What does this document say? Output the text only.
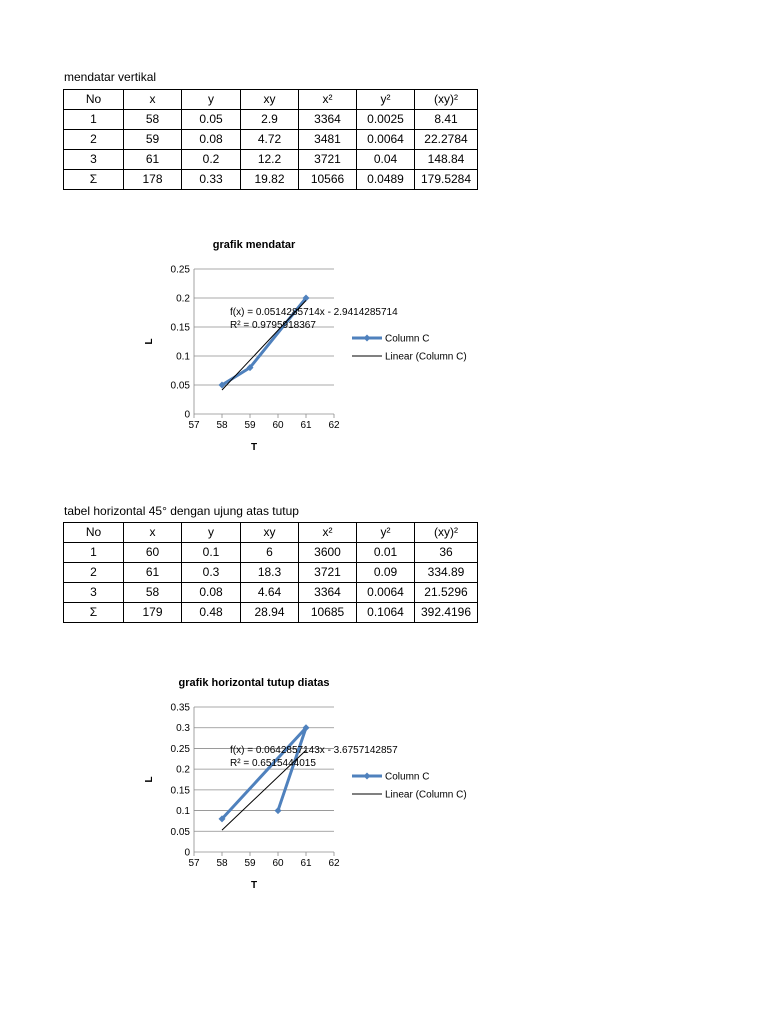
mendatar vertikal
No	x	y	xy	x²	y²	(xy)²
1	58	0.05	2.9	3364	0.0025	8.41
2	59	0.08	4.72	3481	0.0064	22.2784
3	61	0.2	12.2	3721	0.04	148.84
Σ	178	0.33	19.82	10566	0.0489	179.5284
grafik mendatar
0
0.05
0.1
0.15
0.2
0.25
57 58 59 60 61 62
T
L
f(x) = 0.0514285714x - 2.9414285714
R² = 0.9795918367
Column C
Linear (Column C)
tabel horizontal 45° dengan ujung atas tutup
No	x	y	xy	x²	y²	(xy)²
1	60	0.1	6	3600	0.01	36
2	61	0.3	18.3	3721	0.09	334.89
3	58	0.08	4.64	3364	0.0064	21.5296
Σ	179	0.48	28.94	10685	0.1064	392.4196
grafik horizontal tutup diatas
0
0.05
0.1
0.15
0.2
0.25
0.3
0.35
57 58 59 60 61 62
T
L
f(x) = 0.0642857143x - 3.6757142857
R² = 0.6515444015
Column C
Linear (Column C)
